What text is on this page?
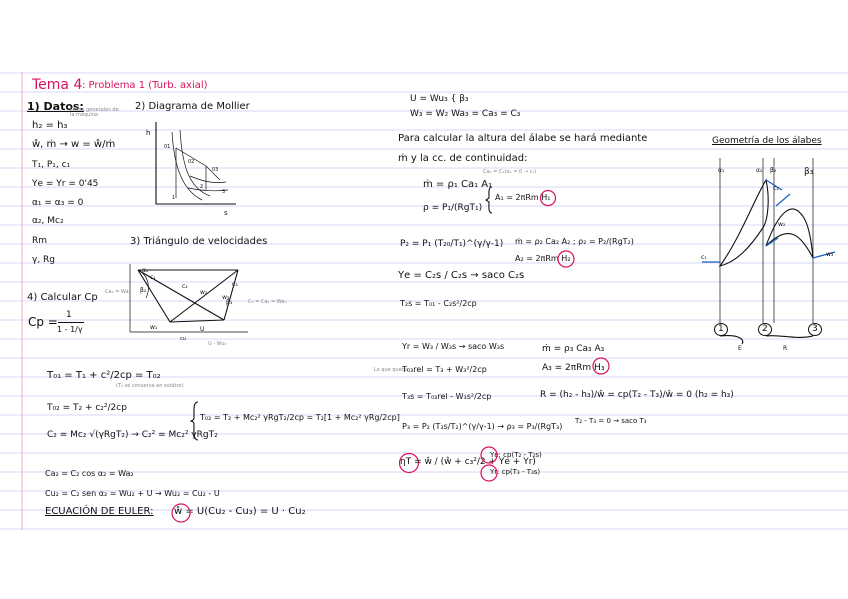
Tema 4 : Problema 1 (Turb. axial)
1) Datos:
Datos generales de la máquina
h₂ = h₃
ŵ, ṁ → w = ŵ/ṁ
T₁, P₁, c₁
Υe = Υr = 0'45
α₁ = α₃ = 0
α₂, Mc₂
Rm
γ, Rg
2) Diagrama de Mollier
h
s
01
02
03
1
2
3
3) Triángulo de velocidades
c₁
c₂
w₂
w₃
c₃
β₂
β₃
α₂
w₁	U
cu
Ca₂ = Wa₂
C₃ = Ca₃ = Wa₃
U - Wu₂
4) Calcular Cp
Cp = 1
1 - 1/γ
T₀₁ = T₁ + c²/2cp = T₀₂
T₀₂ = T₂ + c₂²/2cp
(T₀ se conserva en estátor)
C₂ = Mc₂ √(γRgT₂) → C₂² = Mc₂² γRgT₂
T₀₂ = T₂ + Mc₂² γRgT₂/2cp = T₂[1 + Mc₂² γRg/2cp]
Ca₂ = C₂ cos α₂ = Wa₂
Cu₂ = C₂ sen α₂ = Wu₂ + U → Wu₂ = Cu₂ - U
ECUACIÓN DE EULER: ŵ = U(Cu₂ - Cu₃) = U · Cu₂
U = Wu₃ { β₃
W₃ = W₂ Wa₃ = Ca₃ = C₃
Para calcular la altura del álabe se hará mediante
ṁ y la cc. de continuidad:
Ca₁ = C₁(α₁ = 0 → c₁)
ṁ = ρ₁ Ca₁ A₁
ρ = P₁/(RgT₁)
A₁ = 2πRm H₁
P₂ = P₁ (T₂₀/T₁)^(γ/γ-1) ṁ = ρ₂ Ca₂ A₂ ; ρ₂ = P₂/(RgT₂)
A₂ = 2πRm H₂
Υe = C₂s / C₂s → saco C₂s
T₂s = T₀₁ - C₂s²/2cp
Υr = W₃ / W₃s → saco W₃s
Lo que queda
T₀₃rel = T₃ + W₃²/2cp
T₃s = T₀₃rel - W₃s²/2cp
P₃ = P₂ (T₃s/T₂)^(γ/γ-1) → ρ₃ = P₃/(RgT₃)
ηT = ŵ / (ŵ + c₃²/2 + Υe + Υr)
Υe: cp(T₂ - T₂s)
Υr: cp(T₃ - T₃s)
ṁ = ρ₃ Ca₃ A₃
A₃ = 2πRm H₃
R = (h₂ - h₃)/ŵ = cp(T₂ - T₃)/ŵ = 0 (h₂ = h₃)
T₂ - T₃ = 0 → saco T₃
Geometría de los álabes
α₁	α₂ β₂	β₃
c₁
c₂
w₂
w₃
1	2	3
E	R
